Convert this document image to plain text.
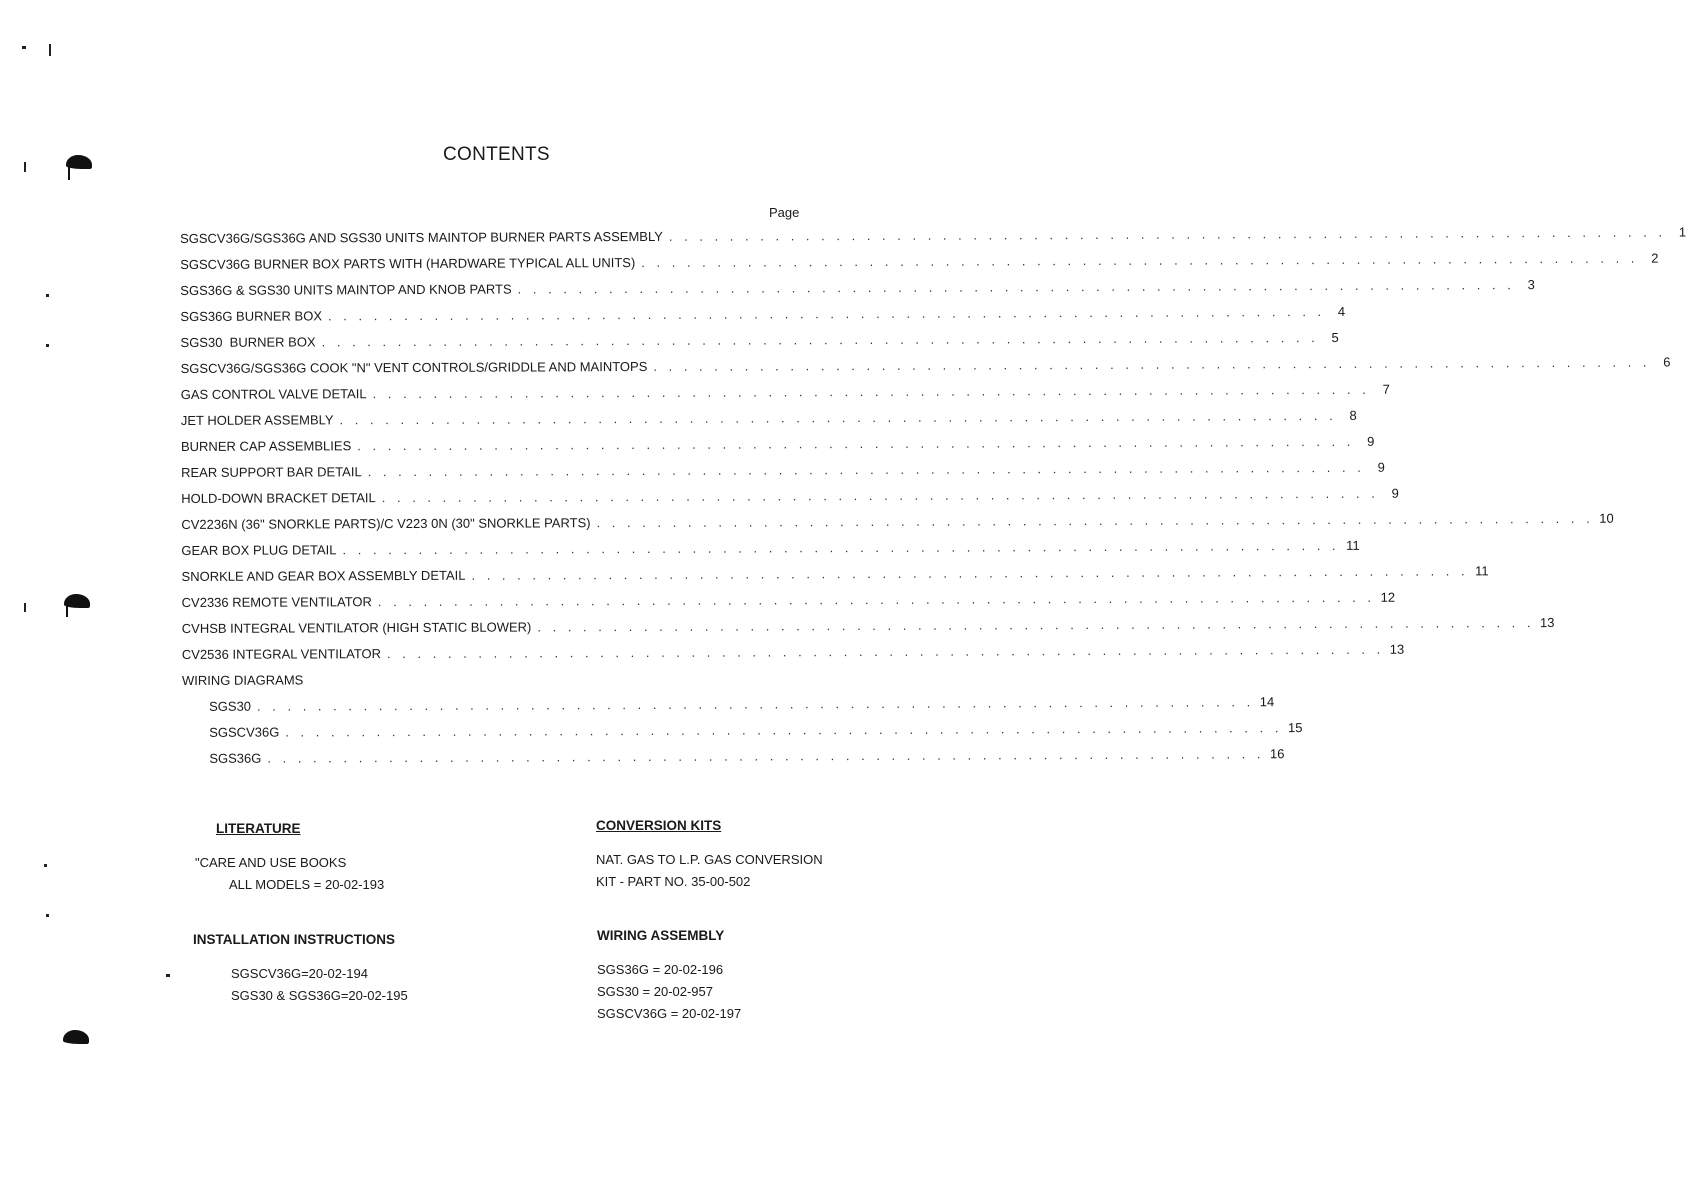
CONTENTS
Page
SGSCV36G/SGS36G AND SGS30 UNITS MAINTOP BURNER PARTS ASSEMBLY . . . . . . . . . . . . . . . . . . . . . . . . . . . . . . . . . . . . . . . . . . . . . . . . . . . . . . . . . . . . . . . . . . 1
SGSCV36G BURNER BOX PARTS WITH (HARDWARE TYPICAL ALL UNITS) . . . . . . . . . . . . . . . . . . . . . . . . . . . . . . . . . . . . . . . . . . . . . . . . . . . . . . . . . . . . . . . . . . 2
SGS36G & SGS30 UNITS MAINTOP AND KNOB PARTS . . . . . . . . . . . . . . . . . . . . . . . . . . . . . . . . . . . . . . . . . . . . . . . . . . . . . . . . . . . . . . . . . . 3
SGS36G BURNER BOX . . . . . . . . . . . . . . . . . . . . . . . . . . . . . . . . . . . . . . . . . . . . . . . . . . . . . . . . . . . . . . . . . . 4
SGS30  BURNER BOX . . . . . . . . . . . . . . . . . . . . . . . . . . . . . . . . . . . . . . . . . . . . . . . . . . . . . . . . . . . . . . . . . . 5
SGSCV36G/SGS36G COOK "N" VENT CONTROLS/GRIDDLE AND MAINTOPS . . . . . . . . . . . . . . . . . . . . . . . . . . . . . . . . . . . . . . . . . . . . . . . . . . . . . . . . . . . . . . . . . . 6
GAS CONTROL VALVE DETAIL . . . . . . . . . . . . . . . . . . . . . . . . . . . . . . . . . . . . . . . . . . . . . . . . . . . . . . . . . . . . . . . . . . 7
JET HOLDER ASSEMBLY . . . . . . . . . . . . . . . . . . . . . . . . . . . . . . . . . . . . . . . . . . . . . . . . . . . . . . . . . . . . . . . . . . 8
BURNER CAP ASSEMBLIES . . . . . . . . . . . . . . . . . . . . . . . . . . . . . . . . . . . . . . . . . . . . . . . . . . . . . . . . . . . . . . . . . . 9
REAR SUPPORT BAR DETAIL . . . . . . . . . . . . . . . . . . . . . . . . . . . . . . . . . . . . . . . . . . . . . . . . . . . . . . . . . . . . . . . . . . 9
HOLD-DOWN BRACKET DETAIL . . . . . . . . . . . . . . . . . . . . . . . . . . . . . . . . . . . . . . . . . . . . . . . . . . . . . . . . . . . . . . . . . . 9
CV2236N (36" SNORKLE PARTS)/C V223 0N (30" SNORKLE PARTS) . . . . . . . . . . . . . . . . . . . . . . . . . . . . . . . . . . . . . . . . . . . . . . . . . . . . . . . . . . . . . . . . . . 10
GEAR BOX PLUG DETAIL . . . . . . . . . . . . . . . . . . . . . . . . . . . . . . . . . . . . . . . . . . . . . . . . . . . . . . . . . . . . . . . . . . 11
SNORKLE AND GEAR BOX ASSEMBLY DETAIL . . . . . . . . . . . . . . . . . . . . . . . . . . . . . . . . . . . . . . . . . . . . . . . . . . . . . . . . . . . . . . . . . . 11
CV2336 REMOTE VENTILATOR . . . . . . . . . . . . . . . . . . . . . . . . . . . . . . . . . . . . . . . . . . . . . . . . . . . . . . . . . . . . . . . . . . 12
CVHSB INTEGRAL VENTILATOR (HIGH STATIC BLOWER) . . . . . . . . . . . . . . . . . . . . . . . . . . . . . . . . . . . . . . . . . . . . . . . . . . . . . . . . . . . . . . . . . . 13
CV2536 INTEGRAL VENTILATOR . . . . . . . . . . . . . . . . . . . . . . . . . . . . . . . . . . . . . . . . . . . . . . . . . . . . . . . . . . . . . . . . . . 13
WIRING DIAGRAMS
SGS30 . . . . . . . . . . . . . . . . . . . . . . . . . . . . . . . . . . . . . . . . . . . . . . . . . . . . . . . . . . . . . . . . . . 14
SGSCV36G . . . . . . . . . . . . . . . . . . . . . . . . . . . . . . . . . . . . . . . . . . . . . . . . . . . . . . . . . . . . . . . . . . 15
SGS36G . . . . . . . . . . . . . . . . . . . . . . . . . . . . . . . . . . . . . . . . . . . . . . . . . . . . . . . . . . . . . . . . . . 16
LITERATURE
"CARE AND USE BOOKS
ALL MODELS = 20-02-193
INSTALLATION INSTRUCTIONS
SGSCV36G=20-02-194
SGS30 & SGS36G=20-02-195
CONVERSION KITS
NAT. GAS TO L.P. GAS CONVERSION
KIT - PART NO. 35-00-502
WIRING ASSEMBLY
SGS36G = 20-02-196
SGS30 = 20-02-957
SGSCV36G = 20-02-197
